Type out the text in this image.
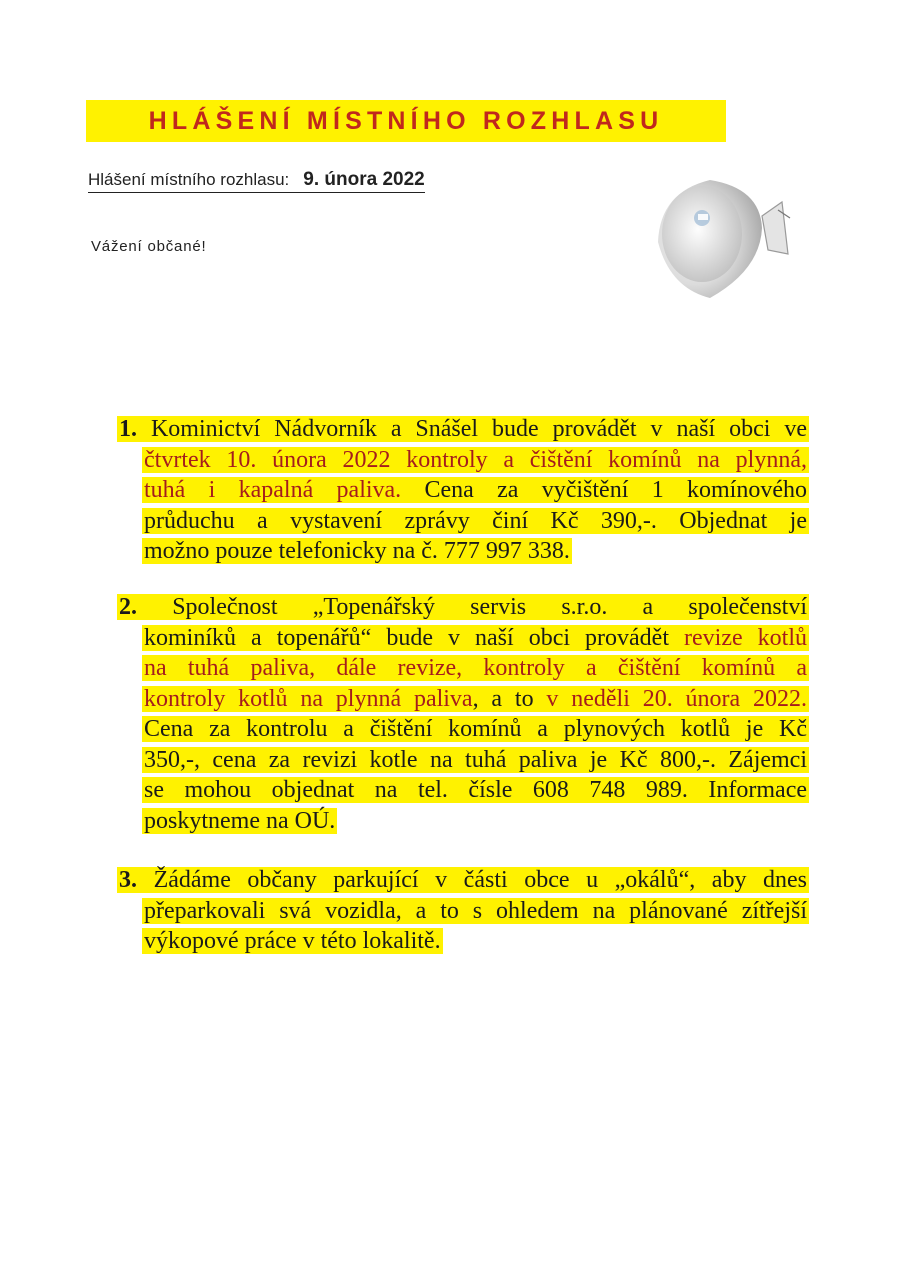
HLÁŠENÍ MÍSTNÍHO ROZHLASU
Hlášení místního rozhlasu: 9. února 2022
Vážení občané!
1. Kominictví Nádvorník a Snášel bude provádět v naší obci ve
čtvrtek 10. února 2022 kontroly a čištění komínů na plynná,
tuhá i kapalná paliva. Cena za vyčištění 1 komínového
průduchu a vystavení zprávy činí Kč 390,-. Objednat je
možno pouze telefonicky na č. 777 997 338.
2. Společnost „Topenářský servis s.r.o. a společenství
kominíků a topenářů“ bude v naší obci provádět revize kotlů
na tuhá paliva, dále revize, kontroly a čištění komínů a
kontroly kotlů na plynná paliva, a to v neděli 20. února 2022.
Cena za kontrolu a čištění komínů a plynových kotlů je Kč
350,-, cena za revizi kotle na tuhá paliva je Kč 800,-. Zájemci
se mohou objednat na tel. čísle 608 748 989. Informace
poskytneme na OÚ.
3. Žádáme občany parkující v části obce u „okálů“, aby dnes
přeparkovali svá vozidla, a to s ohledem na plánované zítřejší
výkopové práce v této lokalitě.
